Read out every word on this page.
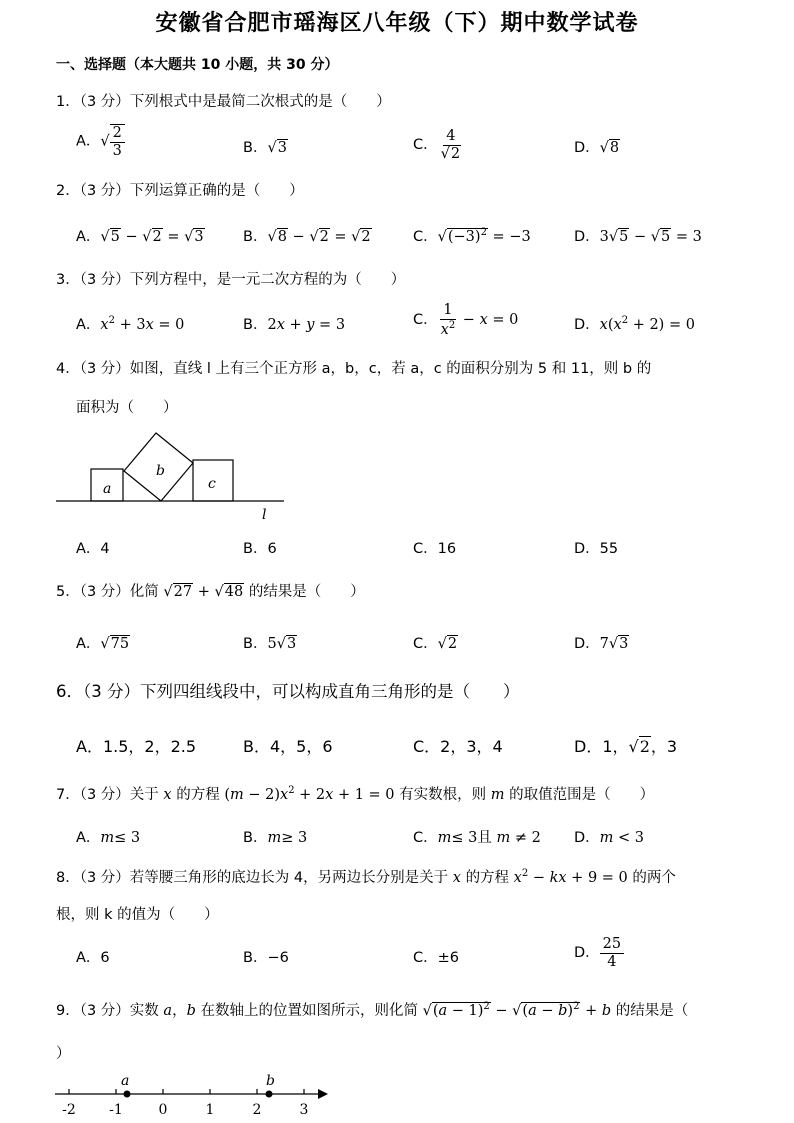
安徽省合肥市瑶海区八年级（下）期中数学试卷
一、选择题（本大题共 10 小题，共 30 分）
1．（3 分）下列根式中是最简二次根式的是（　　）
A．√ $\frac{2}{3}$	B．√3	C． $\frac{4}{√2}$	D．√8
2．（3 分）下列运算正确的是（　　）
A．√5 − √2 = √3	B．√8 − √2 = √2	C．$√(-3)^2 = -3$	D．3√5 − √5 = 3
3．（3 分）下列方程中，是一元二次方程的为（　　）
A．$x^2 + 3x = 0$	B．2x + y = 3	C． $\frac{1}{x^2} - x = 0$	D．$x(x^2 + 2) = 0$
4．（3 分）如图，直线 l 上有三个正方形 a，b，c，若 a，c 的面积分别为 5 和 11，则 b 的
面积为（　　）
a
b
c
l
A．4	B．6	C．16	D．55
5．（3 分）化简 √27 + √48 的结果是（　　）
A．√75	B．5√3	C．√2	D．7√3
6．（3 分）下列四组线段中，可以构成直角三角形的是（　　）
A．1.5，2，2.5	B．4，5，6	C．2，3，4	D．1，√2，3
7．（3 分）关于 x 的方程 $(m - 2)x^2 + 2x + 1 = 0$ 有实数根，则 m 的取值范围是（　　）
A．m≤ 3	B．m≥ 3	C．m≤ 3且 m ≠ 2 D．m < 3
8．（3 分）若等腰三角形的底边长为 4，另两边长分别是关于 x 的方程 $x^2$ − kx + 9 = 0 的两个
根，则 k 的值为（　　）
A．6	B．−6	C．±6	D． $\frac{25}{4}$
9．（3 分）实数 a，b 在数轴上的位置如图所示，则化简 $√(a - 1)^2 - √(a - b)^2 + b$ 的结果是（
）
-2 -1	0	1	2	3
a	b
